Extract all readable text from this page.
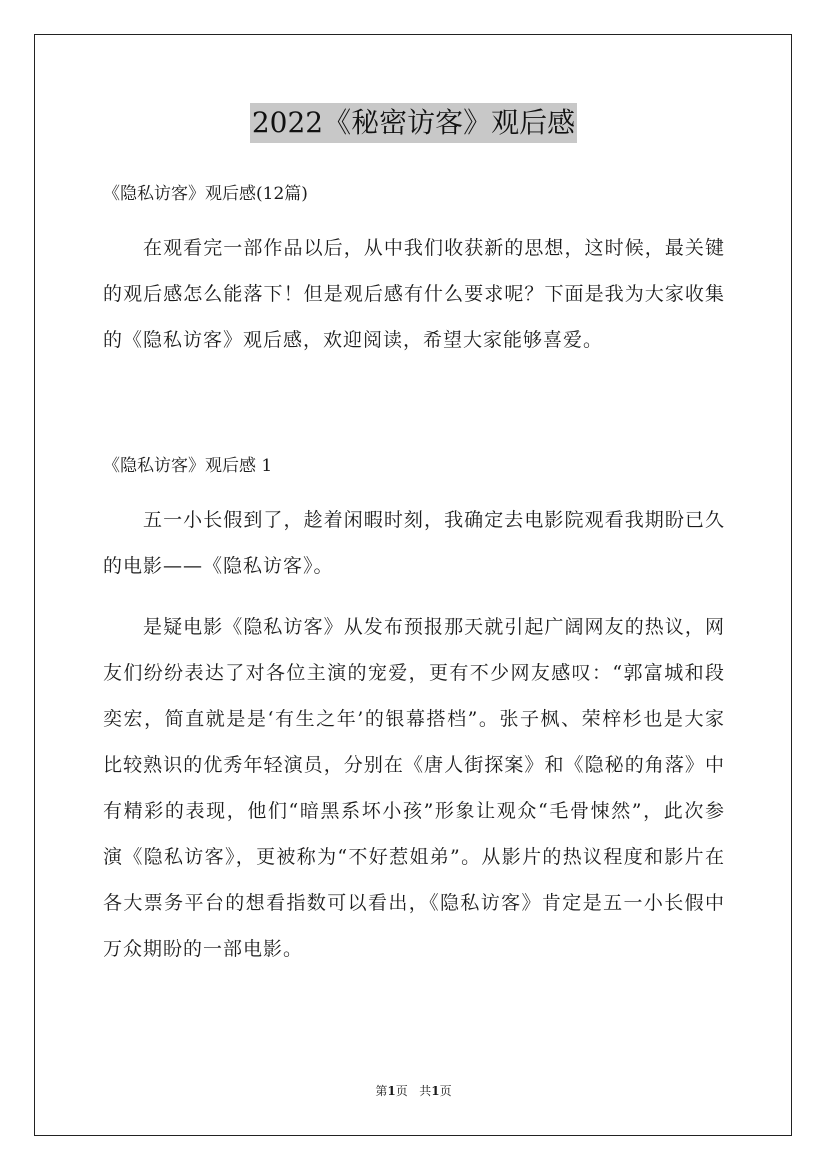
2022《秘密访客》观后感
《隐私访客》观后感(12篇)
在观看完一部作品以后，从中我们收获新的思想，这时候，最关键的观后感怎么能落下！但是观后感有什么要求呢？下面是我为大家收集的《隐私访客》观后感，欢迎阅读，希望大家能够喜爱。
《隐私访客》观后感 1
五一小长假到了，趁着闲暇时刻，我确定去电影院观看我期盼已久的电影——《隐私访客》。
是疑电影《隐私访客》从发布预报那天就引起广阔网友的热议，网友们纷纷表达了对各位主演的宠爱，更有不少网友感叹：“郭富城和段奕宏，简直就是是‘有生之年’的银幕搭档”。张子枫、荣梓杉也是大家比较熟识的优秀年轻演员，分别在《唐人街探案》和《隐秘的角落》中有精彩的表现，他们“暗黑系坏小孩”形象让观众“毛骨悚然”，此次参演《隐私访客》，更被称为“不好惹姐弟”。从影片的热议程度和影片在各大票务平台的想看指数可以看出，《隐私访客》肯定是五一小长假中万众期盼的一部电影。
第1页 共1页
